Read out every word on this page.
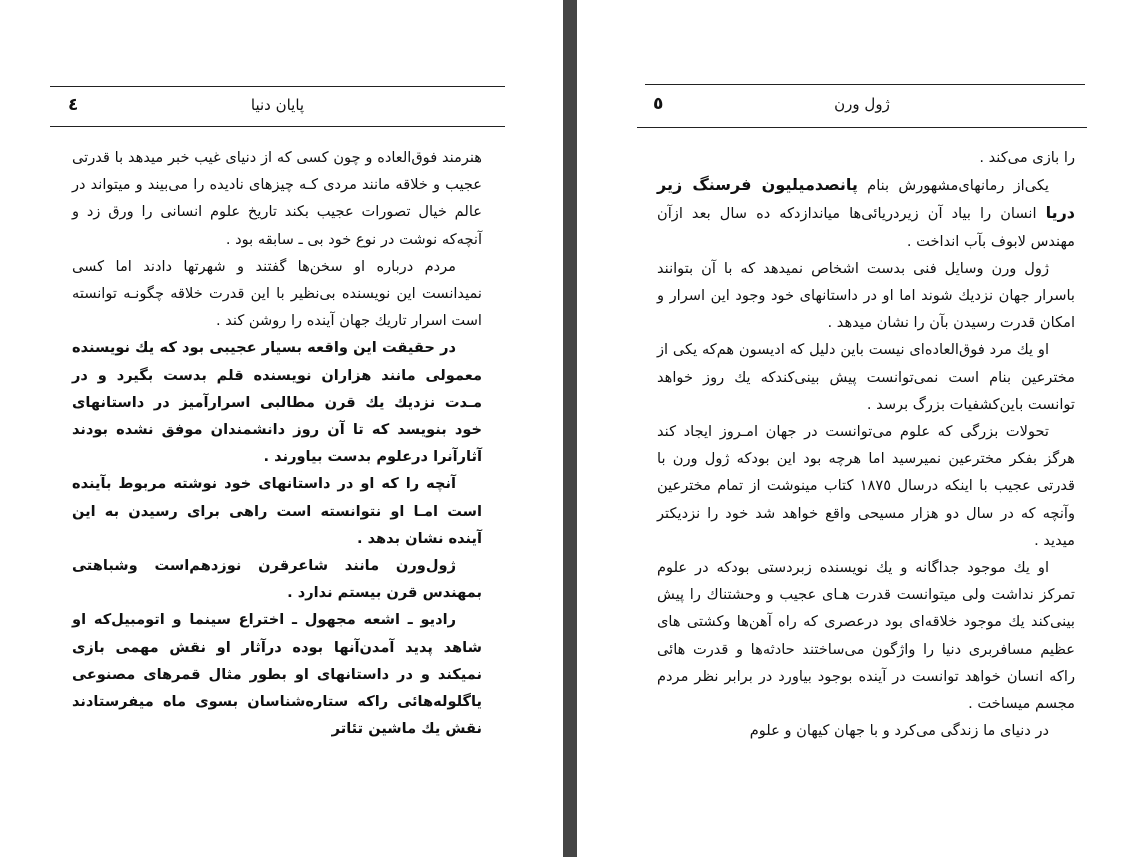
پایان دنیا
٤

هنرمند فوق‌العاده و چون کسی که از دنیای غیب خبر میدهد با قدرتی عجیب و خلاقه مانند مردی کـه چیزهای نادیده را می‌بیند و میتواند در عالم خیال تصورات عجیب بکند تاریخ علوم انسانی را ورق زد و آنچه‌که نوشت در نوع خود بی ـ سابقه بود .

مردم درباره او سخن‌ها گفتند و شهرتها دادند اما کسی نمیدانست این نویسنده بی‌نظیر با این قدرت خلاقه چگونـه توانسته است اسرار تاریك جهان آینده را روشن کند .

در حقیقت این واقعه بسیار عجیبی بود که یك نویسنده معمولی مانند هزاران نویسنده قلم بدست بگیرد و در مـدت نزدیك یك قرن مطالبی اسرارآمیز در داستانهای خود بنویسد که تا آن روز دانشمندان موفق نشده بودند آثارآنرا درعلوم بدست بیاورند .

آنچه را که او در داستانهای خود نوشته مربوط بآینده است امـا او نتوانسته است راهی برای رسیدن به این آینده نشان بدهد .

ژول‌ورن مانند شاعرقرن نوزدهم‌است وشباهتی بمهندس قرن بیستم ندارد .

رادیو ـ اشعه مجهول ـ اختراع سینما و اتومبیل‌که او شاهد پدید آمدن‌آنها بوده درآثار او نقش مهمی بازی نمیکند و در داستانهای او بطور مثال قمرهای مصنوعی یاگلوله‌هائی راکه ستاره‌شناسان بسوی ماه میفرستادند نقش یك ماشین تئاتر

ژول ورن
٥

را بازی می‌کند .

یکی‌از رمانهای‌مشهورش بنام پانصدمیلیون فرسنگ زیر دریا انسان را بیاد آن زیردریائی‌ها میاندازدکه ده سال بعد ازآن مهندس لابوف بآب انداخت .

ژول ورن وسایل فنی بدست اشخاص نمیدهد که با آن بتوانند باسرار جهان نزدیك شوند اما او در داستانهای خود وجود این اسرار و امکان قدرت رسیدن بآن را نشان میدهد .

او یك مرد فوق‌العاده‌ای نیست باین دلیل که ادیسون هم‌که یکی از مخترعین بنام است نمی‌توانست پیش بینی‌کندکه یك روز خواهد توانست باین‌کشفیات بزرگ برسد .

تحولات بزرگی که علوم می‌توانست در جهان امـروز ایجاد کند هرگز بفکر مخترعین نمیرسید اما هرچه بود این بودکه ژول ورن با قدرتی عجیب با اینکه درسال ١٨٧٥ کتاب مینوشت از تمام مخترعین وآنچه که در سال دو هزار مسیحی واقع خواهد شد خود را نزدیکتر میدید .

او یك موجود جداگانه و یك نویسنده زبردستی بودکه در علوم تمرکز نداشت ولی میتوانست قدرت هـای عجیب و وحشتناك را پیش بینی‌کند یك موجود خلاقه‌ای بود درعصری که راه آهن‌ها وکشتی های عظیم مسافربری دنیا را واژگون می‌ساختند حادثه‌ها و قدرت هائی راکه انسان خواهد توانست در آینده بوجود بیاورد در برابر نظر مردم مجسم میساخت .

در دنیای ما زندگی می‌کرد و با جهان کیهان و علوم
